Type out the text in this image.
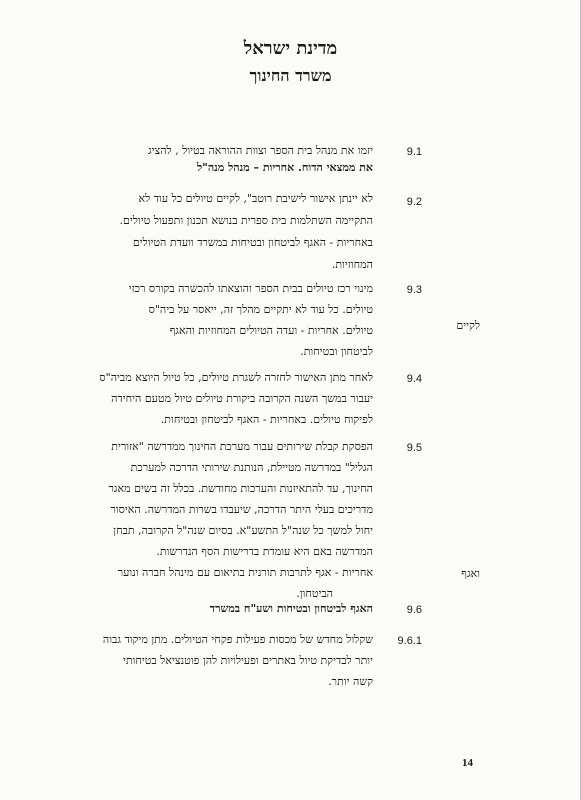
מדינת ישראל
משרד החינוך
9.1
יזמו את מנהל בית הספר וצוות ההוראה בטיול , להציג
את ממצאי הדוח. אחריות – מנהל מנה"ל
9.2
לא יינתן אישור לישיבת רוטב", לקיים טיולים כל עוד לא
התקיימה השתלמות בית ספרית בנושא תכנון ותפעול טיולים.
באחריות - האגף לביטחון ובטיחות במשרד וועדת הטיולים
המחוזיות.
9.3
מינוי רכז טיולים בבית הספר והוצאתו להכשרה בקורס רכזי
טיולים. כל עוד לא יתקיים מהלך זה, ייאסר על ביה"ס
טיולים. אחריות - ועדה הטיולים המחוזיות והאגף
לביטחון ובטיחות.
לקיים
9.4
לאחר מתן האישור לחזרה לשגרת טיולים, כל טיול היוצא מביה"ס
יעבור במשך השנה הקרובה ביקורת טיולים טיול מטעם היחידה
לפיקוח טיולים. באחריות - האגף לביטחון ובטיחות.
9.5
הפסקת קבלת שירותים עבור מערכת החינוך ממדרשה "אזורית
הגליל" במדרשה מטיילת, הנותנת שירותי הדרכה למערכת
החינוך, עד להתאיזנות והערכות מחודשת. בכלל זה בשים מאגר
מדריכים בעלי היתר הדרכה, שיעבדו בשרות המדרשה. האיסור
יחול למשך כל שנה"ל התשע"א. בסיום שנה"ל הקרובה, תבחן
המדרשה באם היא עומדת בדרישות הסף הנדרשות.
אחריות - אגף לתרבות תורנית בתיאום עם מינהל חברה ונוער
הביטחון.
ואגף
9.6
האגף לביטחון ובטיחות ושע"ח במשרד
9.6.1
שקלול מחדש של מכסות פעילות פקחי הטיולים. מתן מיקוד גבוה
יותר לבדיקת טיול באתרים ופעילויות להן פוטנציאל בטיחותי
קשה יותר.
14
